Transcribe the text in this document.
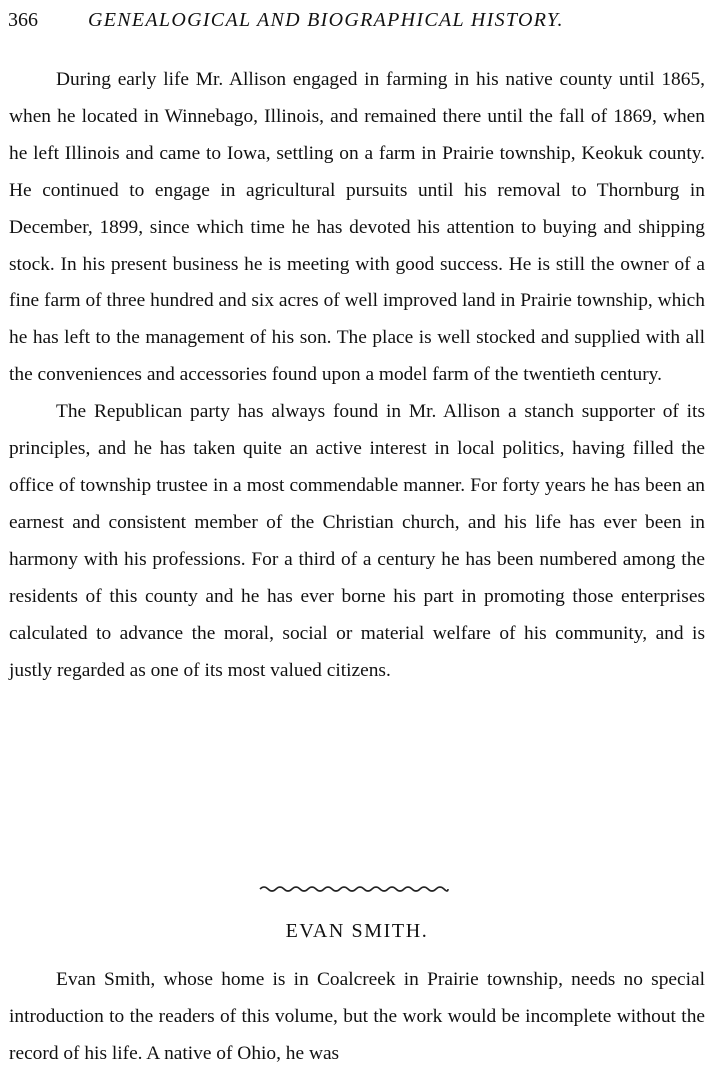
366	GENEALOGICAL AND BIOGRAPHICAL HISTORY.

During early life Mr. Allison engaged in farming in his native county until 1865, when he located in Winnebago, Illinois, and remained there until the fall of 1869, when he left Illinois and came to Iowa, settling on a farm in Prairie township, Keokuk county. He continued to engage in agricultural pursuits until his removal to Thornburg in December, 1899, since which time he has devoted his attention to buying and shipping stock. In his present business he is meeting with good success. He is still the owner of a fine farm of three hundred and six acres of well improved land in Prairie township, which he has left to the management of his son. The place is well stocked and supplied with all the conveniences and accessories found upon a model farm of the twentieth century.

The Republican party has always found in Mr. Allison a stanch supporter of its principles, and he has taken quite an active interest in local politics, having filled the office of township trustee in a most commendable manner. For forty years he has been an earnest and consistent member of the Christian church, and his life has ever been in harmony with his professions. For a third of a century he has been numbered among the residents of this county and he has ever borne his part in promoting those enterprises calculated to advance the moral, social or material welfare of his community, and is justly regarded as one of its most valued citizens.

EVAN SMITH.

Evan Smith, whose home is in Coalcreek in Prairie township, needs no special introduction to the readers of this volume, but the work would be incomplete without the record of his life. A native of Ohio, he was
